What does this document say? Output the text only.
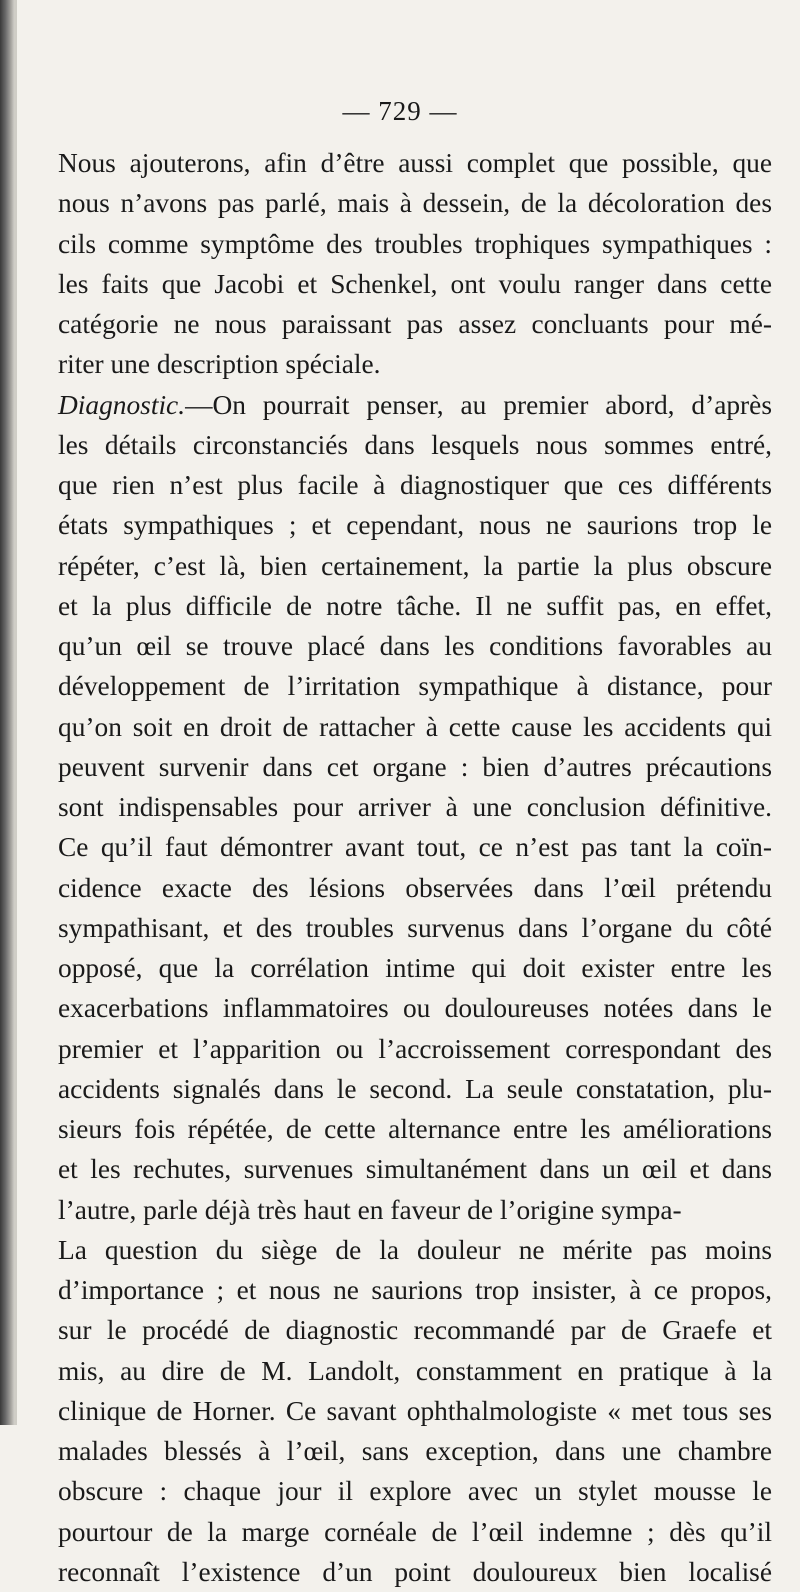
— 729 —
Nous ajouterons, afin d’être aussi complet que possible, que
nous n’avons pas parlé, mais à dessein, de la décoloration des
cils comme symptôme des troubles trophiques sympathiques :
les faits que Jacobi et Schenkel, ont voulu ranger dans cette
catégorie ne nous paraissant pas assez concluants pour mé-
riter une description spéciale.
Diagnostic.—On pourrait penser, au premier abord, d’après
les détails circonstanciés dans lesquels nous sommes entré,
que rien n’est plus facile à diagnostiquer que ces différents
états sympathiques ; et cependant, nous ne saurions trop le
répéter, c’est là, bien certainement, la partie la plus obscure
et la plus difficile de notre tâche. Il ne suffit pas, en effet,
qu’un œil se trouve placé dans les conditions favorables au
développement de l’irritation sympathique à distance, pour
qu’on soit en droit de rattacher à cette cause les accidents qui
peuvent survenir dans cet organe : bien d’autres précautions
sont indispensables pour arriver à une conclusion définitive.
Ce qu’il faut démontrer avant tout, ce n’est pas tant la coïn-
cidence exacte des lésions observées dans l’œil prétendu
sympathisant, et des troubles survenus dans l’organe du côté
opposé, que la corrélation intime qui doit exister entre les
exacerbations inflammatoires ou douloureuses notées dans le
premier et l’apparition ou l’accroissement correspondant des
accidents signalés dans le second. La seule constatation, plu-
sieurs fois répétée, de cette alternance entre les améliorations
et les rechutes, survenues simultanément dans un œil et dans
l’autre, parle déjà très haut en faveur de l’origine sympa-
La question du siège de la douleur ne mérite pas moins
d’importance ; et nous ne saurions trop insister, à ce propos,
sur le procédé de diagnostic recommandé par de Graefe et
mis, au dire de M. Landolt, constamment en pratique à la
clinique de Horner. Ce savant ophthalmologiste « met tous ses
malades blessés à l’œil, sans exception, dans une chambre
obscure : chaque jour il explore avec un stylet mousse le
pourtour de la marge cornéale de l’œil indemne ; dès qu’il
reconnaît l’existence d’un point douloureux bien localisé
